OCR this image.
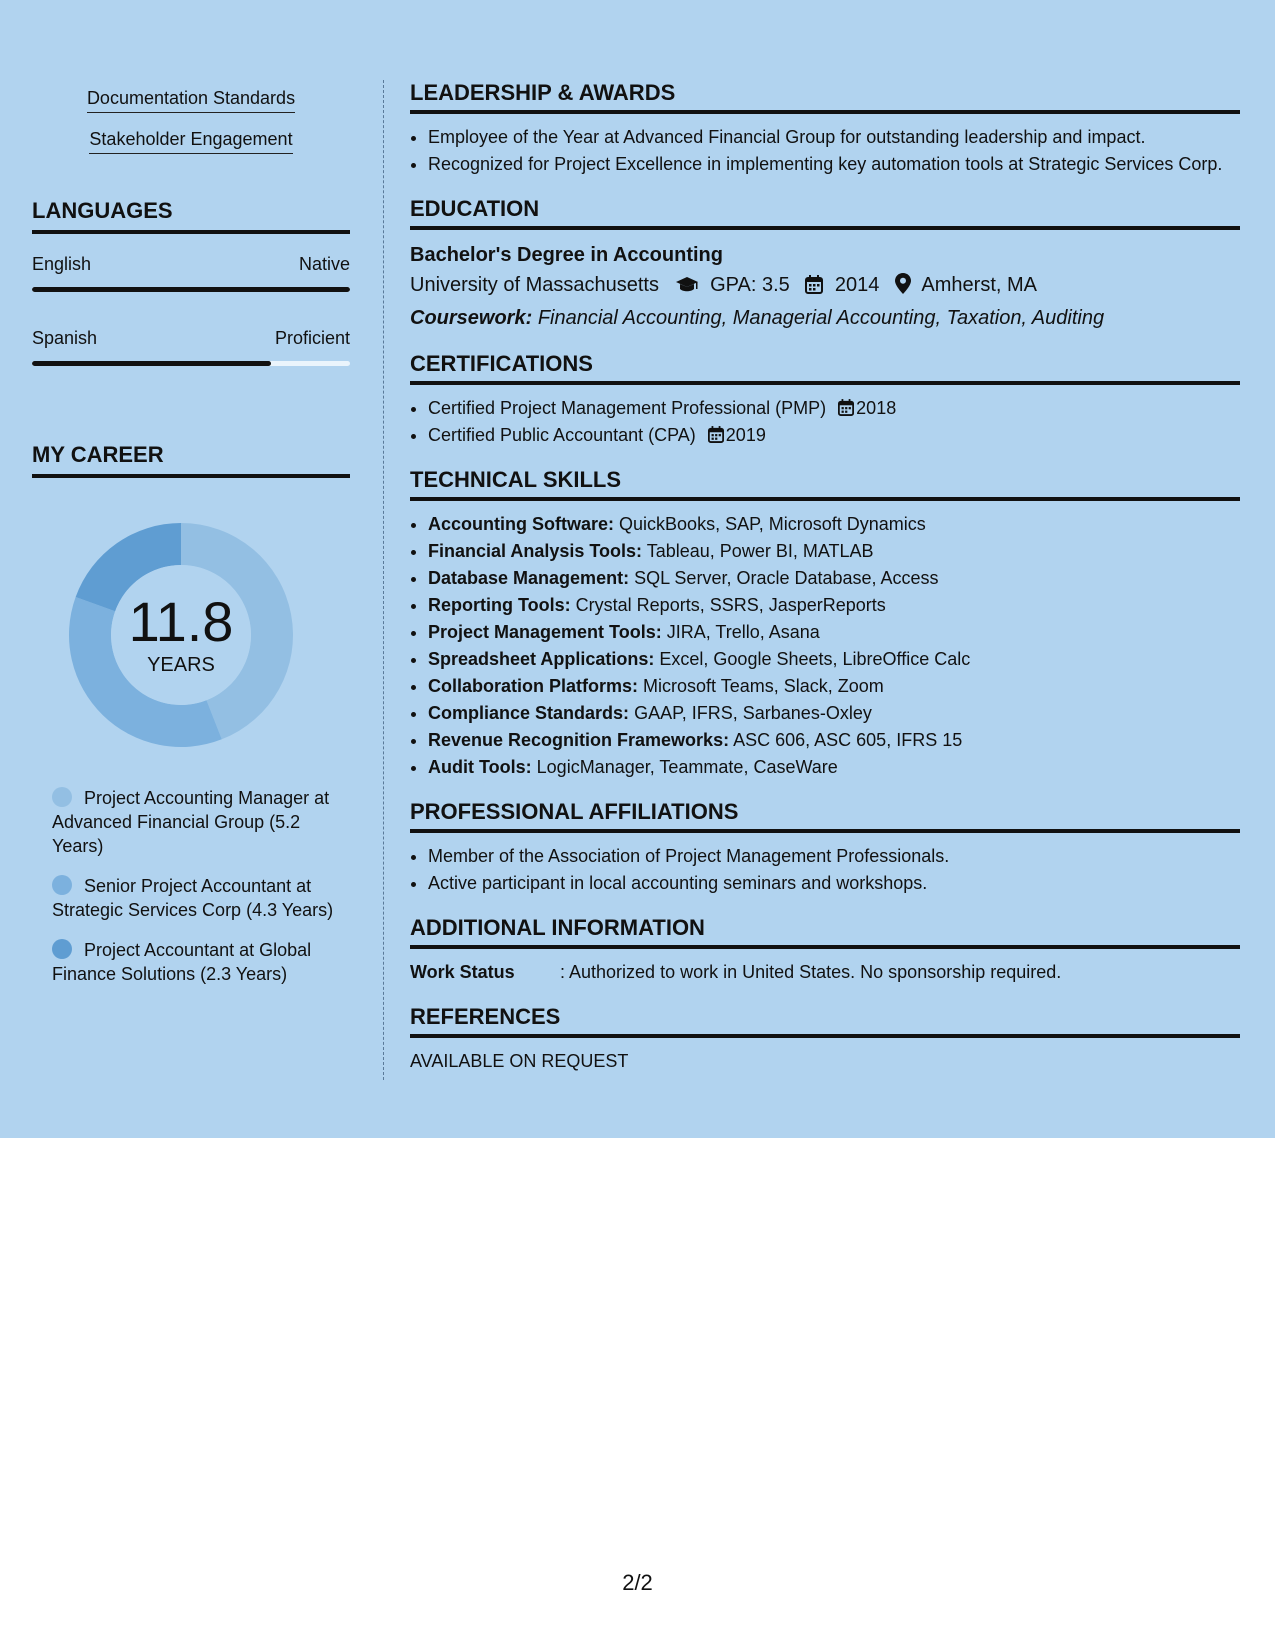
Documentation Standards
Stakeholder Engagement
LANGUAGES
English	Native
Spanish	Proficient
MY CAREER
11.8
YEARS
Project Accounting Manager at Advanced Financial Group (5.2 Years)
Senior Project Accountant at Strategic Services Corp (4.3 Years)
Project Accountant at Global Finance Solutions (2.3 Years)
LEADERSHIP & AWARDS
• Employee of the Year at Advanced Financial Group for outstanding leadership and impact.
• Recognized for Project Excellence in implementing key automation tools at Strategic Services Corp.
EDUCATION
Bachelor's Degree in Accounting
University of Massachusetts	GPA: 3.5 2014 Amherst, MA
Coursework: Financial Accounting, Managerial Accounting, Taxation, Auditing
CERTIFICATIONS
• Certified Project Management Professional (PMP) 2018
• Certified Public Accountant (CPA) 2019
TECHNICAL SKILLS
• Accounting Software: QuickBooks, SAP, Microsoft Dynamics
• Financial Analysis Tools: Tableau, Power BI, MATLAB
• Database Management: SQL Server, Oracle Database, Access
• Reporting Tools: Crystal Reports, SSRS, JasperReports
• Project Management Tools: JIRA, Trello, Asana
• Spreadsheet Applications: Excel, Google Sheets, LibreOffice Calc
• Collaboration Platforms: Microsoft Teams, Slack, Zoom
• Compliance Standards: GAAP, IFRS, Sarbanes-Oxley
• Revenue Recognition Frameworks: ASC 606, ASC 605, IFRS 15
• Audit Tools: LogicManager, Teammate, CaseWare
PROFESSIONAL AFFILIATIONS
• Member of the Association of Project Management Professionals.
• Active participant in local accounting seminars and workshops.
ADDITIONAL INFORMATION
Work Status	: Authorized to work in United States. No sponsorship required.
REFERENCES
AVAILABLE ON REQUEST
2/2
